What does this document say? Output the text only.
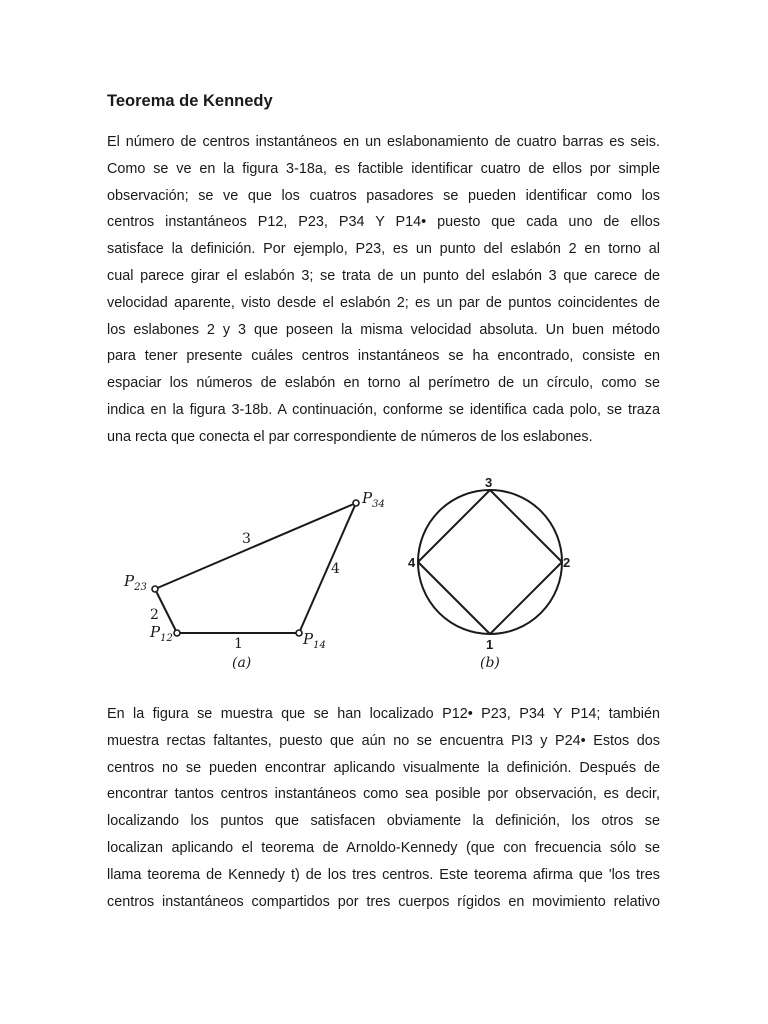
Teorema de Kennedy

El número de centros instantáneos en un eslabonamiento de cuatro barras es seis.
Como se ve en la figura 3-18a, es factible identificar cuatro de ellos por simple
observación; se ve que los cuatros pasadores se pueden identificar como los
centros instantáneos P12, P23, P34 Y P14• puesto que cada uno de ellos
satisface la definición. Por ejemplo, P23, es un punto del eslabón 2 en torno al
cual parece girar el eslabón 3; se trata de un punto del eslabón 3 que carece de
velocidad aparente, visto desde el eslabón 2; es un par de puntos coincidentes de
los eslabones 2 y 3 que poseen la misma velocidad absoluta. Un buen método
para tener presente cuáles centros instantáneos se ha encontrado, consiste en
espaciar los números de eslabón en torno al perímetro de un círculo, como se
indica en la figura 3-18b. A continuación, conforme se identifica cada polo, se traza
una recta que conecta el par correspondiente de números de los eslabones.

En la figura se muestra que se han localizado P12• P23, P34 Y P14; también
muestra rectas faltantes, puesto que aún no se encuentra PI3 y P24• Estos dos
centros no se pueden encontrar aplicando visualmente la definición. Después de
encontrar tantos centros instantáneos como sea posible por observación, es decir,
localizando los puntos que satisfacen obviamente la definición, los otros se
localizan aplicando el teorema de Arnoldo-Kennedy (que con frecuencia sólo se
llama teorema de Kennedy t) de los tres centros. Este teorema afirma que 'los tres
centros instantáneos compartidos por tres cuerpos rígidos en movimiento relativo

1
2
3
4
$P_{23}$
$P_{12}$
$P_{34}$
$P_{14}$
(a)
3
2
1
4
(b)
